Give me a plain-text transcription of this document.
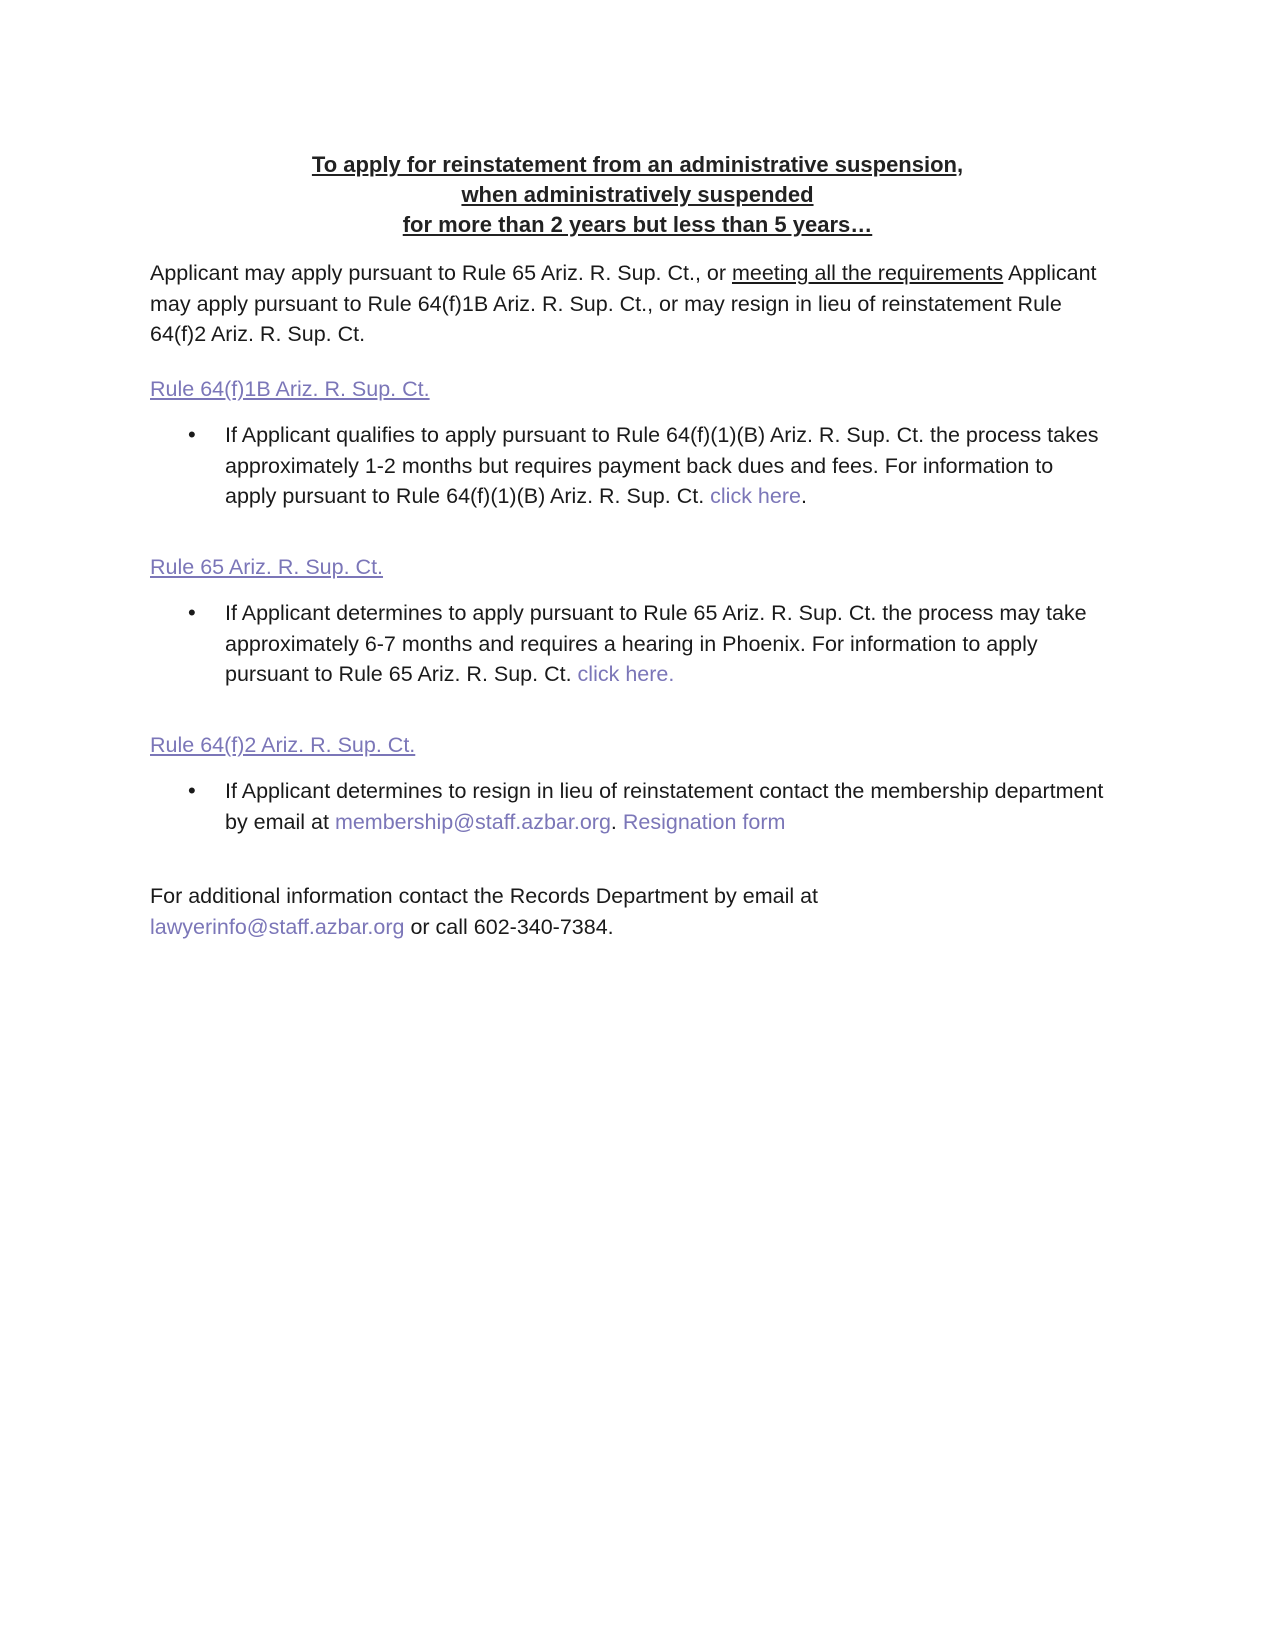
To apply for reinstatement from an administrative suspension,
when administratively suspended
for more than 2 years but less than 5 years…
Applicant may apply pursuant to Rule 65 Ariz. R. Sup. Ct., or meeting all the requirements Applicant may apply pursuant to Rule 64(f)1B Ariz. R. Sup. Ct., or may resign in lieu of reinstatement Rule 64(f)2 Ariz. R. Sup. Ct.
Rule 64(f)1B Ariz. R. Sup. Ct.
• If Applicant qualifies to apply pursuant to Rule 64(f)(1)(B) Ariz. R. Sup. Ct. the process takes approximately 1-2 months but requires payment back dues and fees. For information to apply pursuant to Rule 64(f)(1)(B) Ariz. R. Sup. Ct. click here.
Rule 65 Ariz. R. Sup. Ct.
• If Applicant determines to apply pursuant to Rule 65 Ariz. R. Sup. Ct. the process may take approximately 6-7 months and requires a hearing in Phoenix. For information to apply pursuant to Rule 65 Ariz. R. Sup. Ct. click here.
Rule 64(f)2 Ariz. R. Sup. Ct.
• If Applicant determines to resign in lieu of reinstatement contact the membership department by email at membership@staff.azbar.org. Resignation form
For additional information contact the Records Department by email at
lawyerinfo@staff.azbar.org or call 602-340-7384.
